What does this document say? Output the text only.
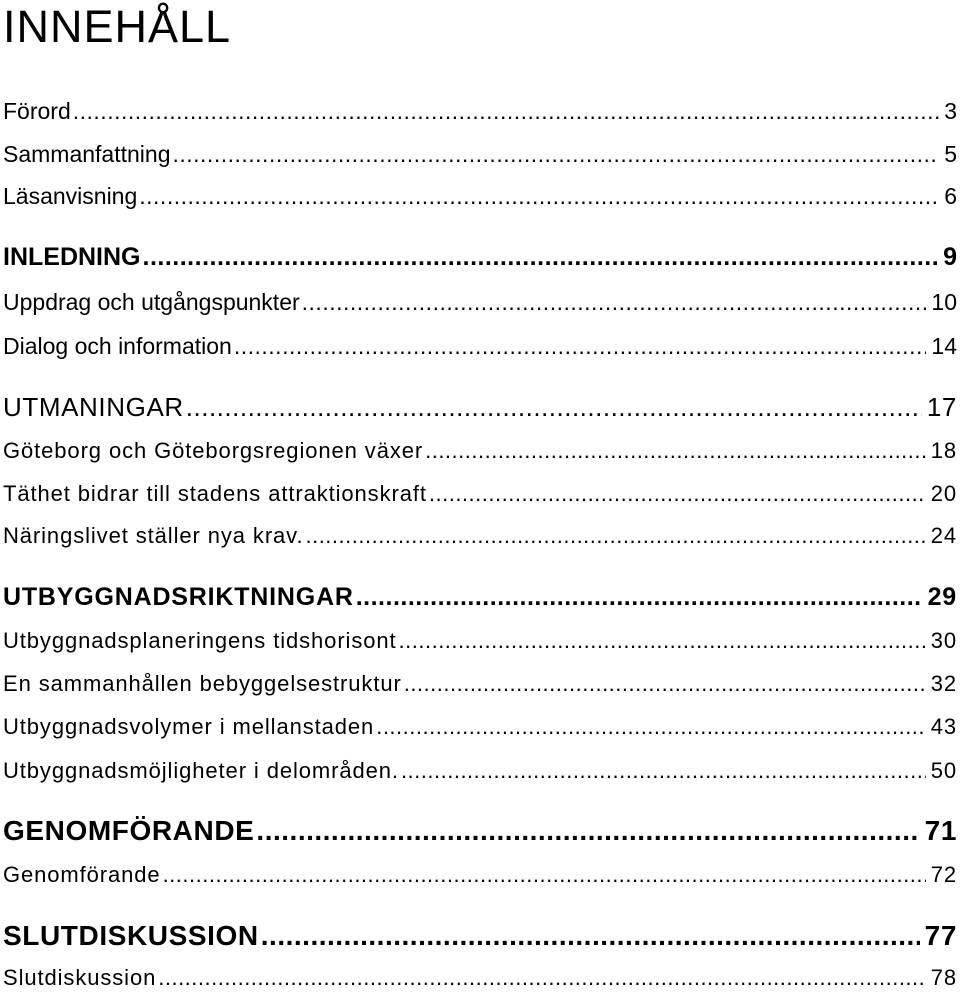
INNEHÅLL
Förord .....	3
Sammanfattning .....	5
Läsanvisning .....	6
INLEDNING .....	9
Uppdrag och utgångspunkter .....	10
Dialog och information .....	14
UTMANINGAR .....	17
Göteborg och Göteborgsregionen växer .....	18
Täthet bidrar till stadens attraktionskraft .....	20
Näringslivet ställer nya krav. .....	24
UTBYGGNADSRIKTNINGAR .....	29
Utbyggnadsplaneringens tidshorisont .....	30
En sammanhållen bebyggelsestruktur .....	32
Utbyggnadsvolymer i mellanstaden .....	43
Utbyggnadsmöjligheter i delområden. .....	50
GENOMFÖRANDE .....	71
Genomförande .....	72
SLUTDISKUSSION .....	77
Slutdiskussion .....	78
